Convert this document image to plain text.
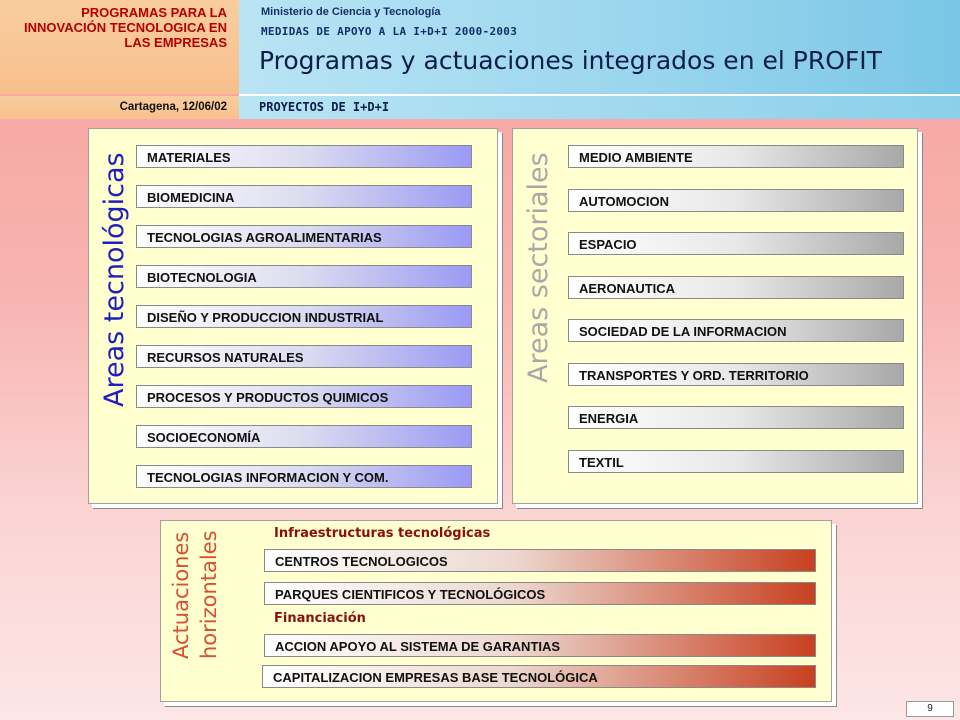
PROGRAMAS PARA LA INNOVACIÓN TECNOLOGICA EN LAS EMPRESAS
Ministerio de Ciencia y Tecnología
MEDIDAS DE APOYO A LA I+D+I 2000-2003
Programas y actuaciones integrados en el PROFIT
Cartagena, 12/06/02	PROYECTOS DE I+D+I
Areas tecnológicas	MATERIALES
BIOMEDICINA
TECNOLOGIAS AGROALIMENTARIAS
BIOTECNOLOGIA
DISEÑO Y PRODUCCION INDUSTRIAL
RECURSOS NATURALES
PROCESOS Y PRODUCTOS QUIMICOS
SOCIOECONOMÍA
TECNOLOGIAS INFORMACION Y COM.
Areas sectoriales	MEDIO AMBIENTE
AUTOMOCION
ESPACIO
AERONAUTICA
SOCIEDAD DE LA INFORMACION
TRANSPORTES Y ORD. TERRITORIO
ENERGIA
TEXTIL
Actuaciones horizontales	Infraestructuras tecnológicas
Financiación
CENTROS TECNOLOGICOS
PARQUES CIENTIFICOS Y TECNOLÓGICOS
ACCION APOYO AL SISTEMA DE GARANTIAS
CAPITALIZACION EMPRESAS BASE TECNOLÓGICA
9
